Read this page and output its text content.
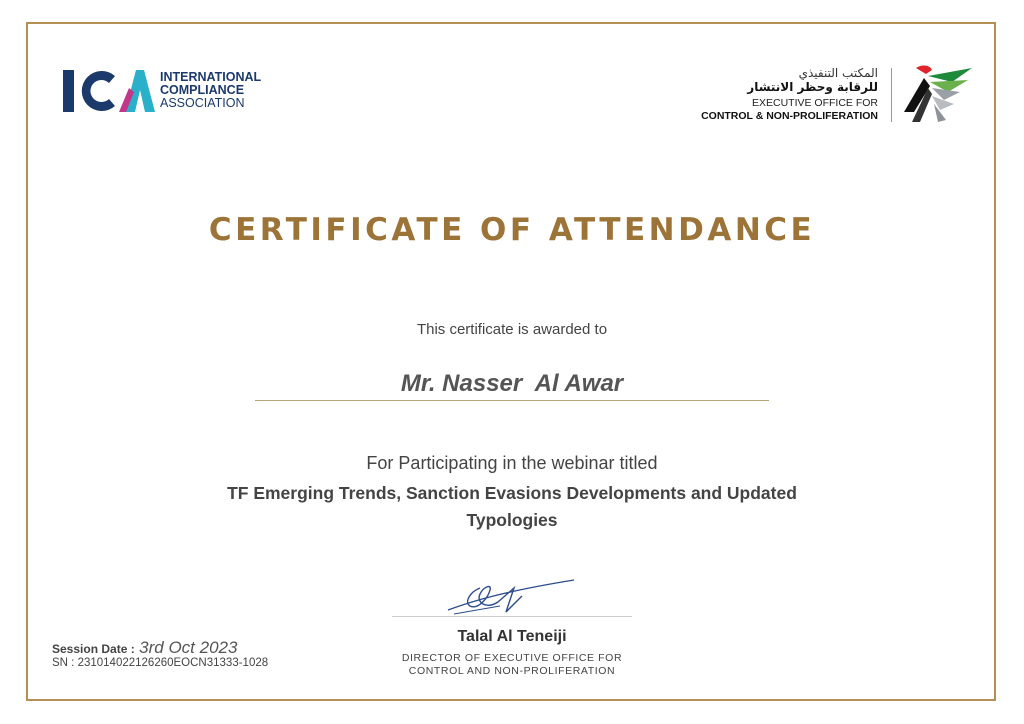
INTERNATIONAL
COMPLIANCE
ASSOCIATION
المكتب التنفيذي
للرقابة وحظر الانتشار
EXECUTIVE OFFICE FOR
CONTROL & NON-PROLIFERATION
CERTIFICATE OF ATTENDANCE
This certificate is awarded to
Mr. Nasser  Al Awar
For Participating in the webinar titled
TF Emerging Trends, Sanction Evasions Developments and Updated Typologies
Talal Al Teneiji
DIRECTOR OF EXECUTIVE OFFICE FOR
CONTROL AND NON-PROLIFERATION
Session Date : 3rd Oct 2023
SN : 231014022126260EOCN31333-1028
